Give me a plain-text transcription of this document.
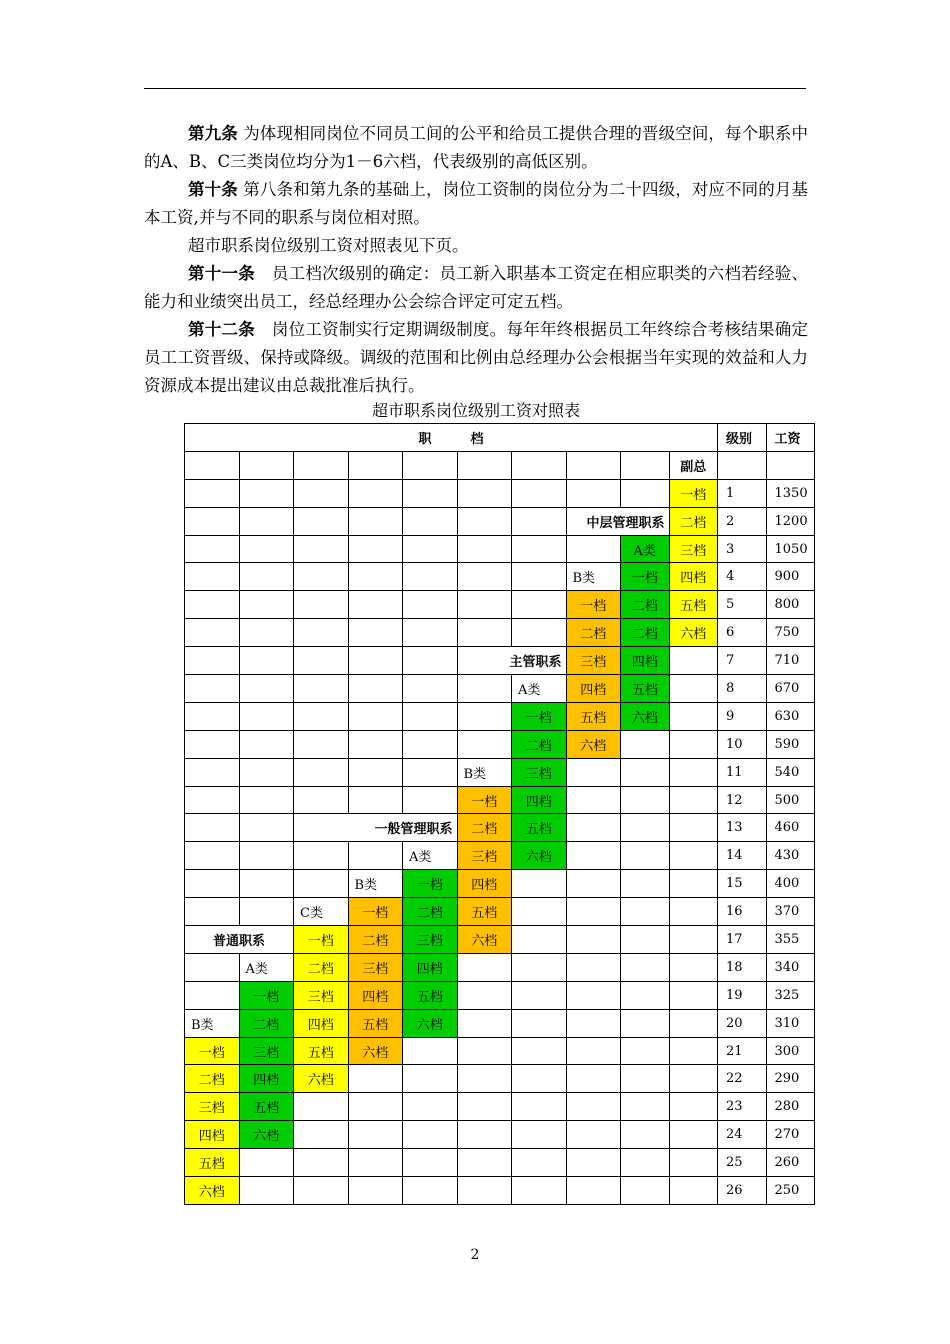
第九条 为体现相同岗位不同员工间的公平和给员工提供合理的晋级空间，每个职系中的A、B、C三类岗位均分为1－6六档，代表级别的高低区别。

第十条 第八条和第九条的基础上，岗位工资制的岗位分为二十四级，对应不同的月基本工资,并与不同的职系与岗位相对照。

超市职系岗位级别工资对照表见下页。

第十一条　员工档次级别的确定：员工新入职基本工资定在相应职类的六档若经验、能力和业绩突出员工，经总经理办公会综合评定可定五档。

第十二条　岗位工资制实行定期调级制度。每年年终根据员工年终综合考核结果确定员工工资晋级、保持或降级。调级的范围和比例由总经理办公会根据当年实现的效益和人力资源成本提出建议由总裁批准后执行。

超市职系岗位级别工资对照表
职　　　档										级别	工资
									副总		
									一档	1	1350
							中层管理职系		二档	2	1200
								A类	三档	3	1050
							B类	一档	四档	4	900
							一档	二档	五档	5	800
							二档	二档	六档	6	750
					主管职系		三档	四档		7	710
						A类	四档	五档		8	670
						一档	五档	六档		9	630
						二档	六档			10	590
					B类	三档				11	540
					一档	四档				12	500
		一般管理职系			二档	五档				13	460
				A类	三档	六档				14	430
			B类	一档	四档					15	400
		C类	一档	二档	五档					16	370
普通职系		一档	二档	三档	六档					17	355
	A类	二档	三档	四档						18	340
	一档	三档	四档	五档						19	325
B类	二档	四档	五档	六档						20	310
一档	三档	五档	六档							21	300
二档	四档	六档								22	290
三档	五档									23	280
四档	六档									24	270
五档										25	260
六档										26	250
2
